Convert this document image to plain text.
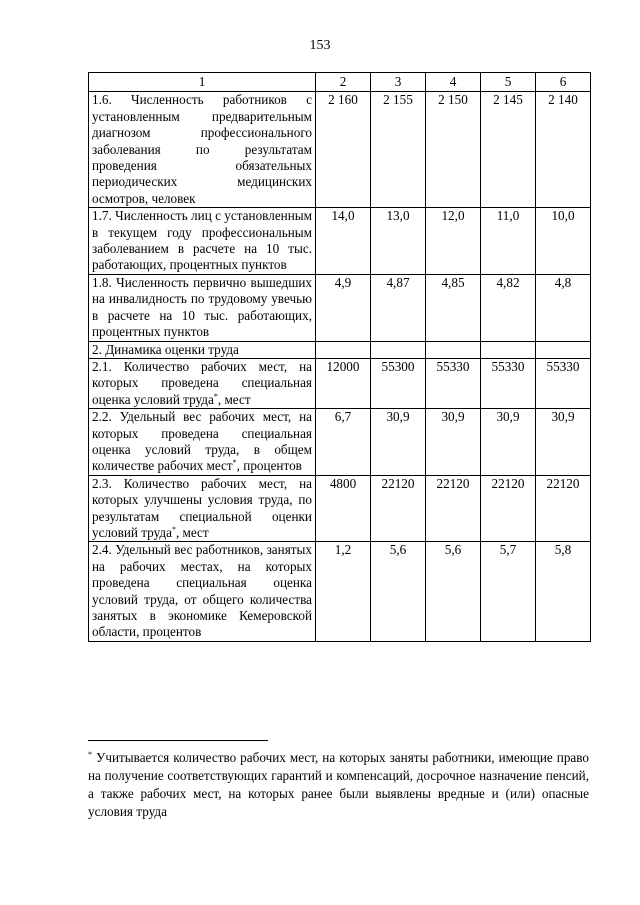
153
1	2	3	4	5	6
1.6. Численность работников с установленным предварительным диагнозом профессионального заболевания по результатам проведения обязательных периодических медицинских осмотров, человек	2 160	2 155	2 150	2 145	2 140
1.7. Численность лиц с установленным в текущем году профессиональным заболеванием в расчете на 10 тыс. работающих, процентных пунктов	14,0	13,0	12,0	11,0	10,0
1.8. Численность первично вышедших на инвалидность по трудовому увечью в расчете на 10 тыс. работающих, процентных пунктов	4,9	4,87	4,85	4,82	4,8
2. Динамика оценки труда					
2.1. Количество рабочих мест, на которых проведена специальная оценка условий труда*, мест	12000	55300	55330	55330	55330
2.2. Удельный вес рабочих мест, на которых проведена специальная оценка условий труда, в общем количестве рабочих мест*, процентов	6,7	30,9	30,9	30,9	30,9
2.3. Количество рабочих мест, на которых улучшены условия труда, по результатам специальной оценки условий труда*, мест	4800	22120	22120	22120	22120
2.4. Удельный вес работников, занятых на рабочих местах, на которых проведена специальная оценка условий труда, от общего количества занятых в экономике Кемеровской области, процентов	1,2	5,6	5,6	5,7	5,8
* Учитывается количество рабочих мест, на которых заняты работники, имеющие право на получение соответствующих гарантий и компенсаций, досрочное назначение пенсий, а также рабочих мест, на которых ранее были выявлены вредные и (или) опасные условия труда
